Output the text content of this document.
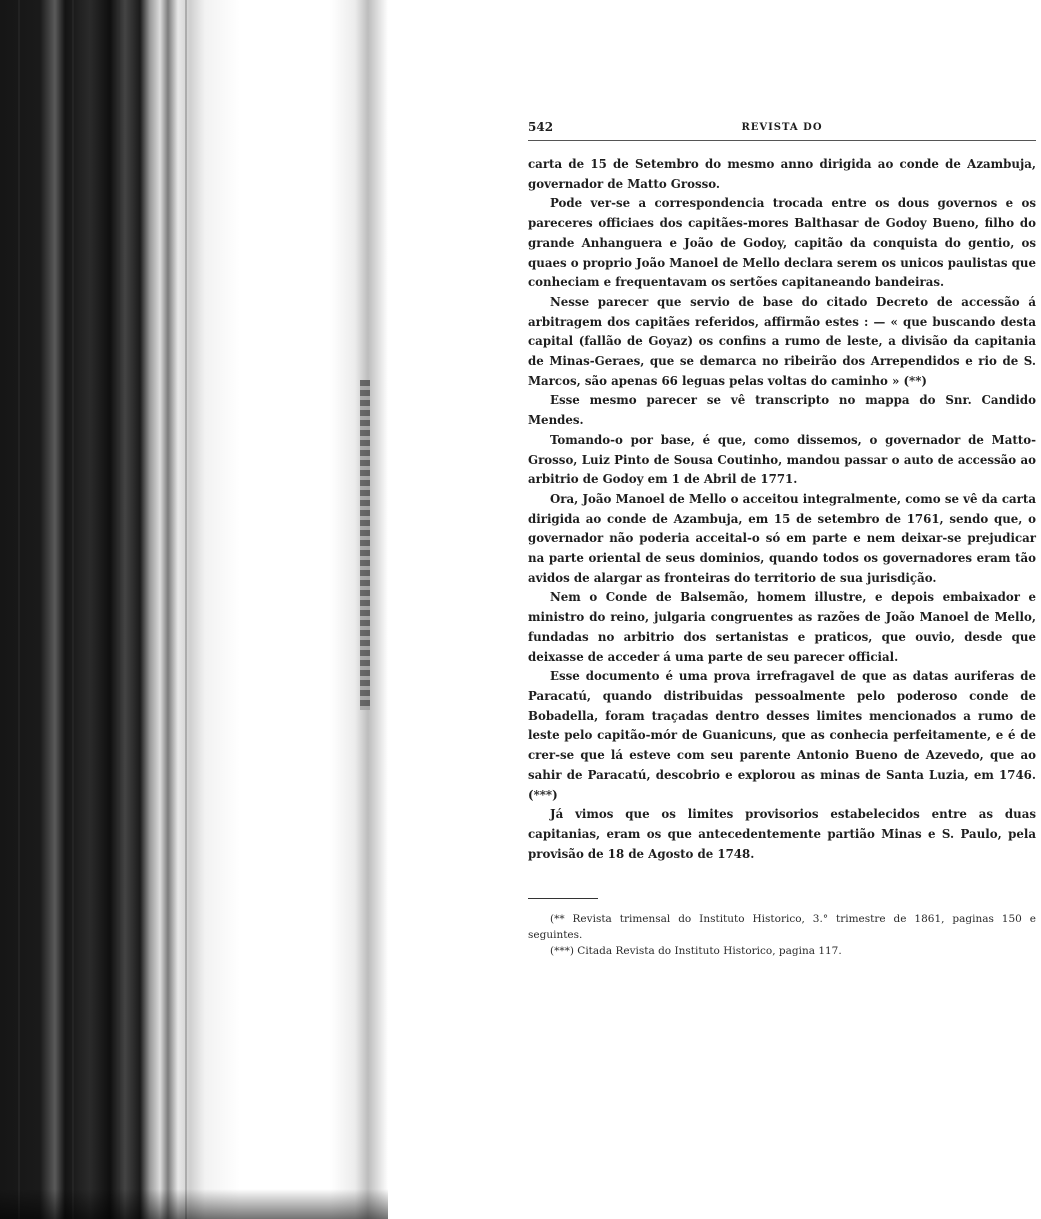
542	REVISTA DO

carta de 15 de Setembro do mesmo anno dirigida ao conde de Azambuja, governador de Matto Grosso.

Pode ver-se a correspondencia trocada entre os dous governos e os pareceres officiaes dos capitães-mores Balthasar de Godoy Bueno, filho do grande Anhanguera e João de Godoy, capitão da conquista do gentio, os quaes o proprio João Manoel de Mello declara serem os unicos paulistas que conheciam e frequentavam os sertões capitaneando bandeiras.

Nesse parecer que servio de base do citado Decreto de accessão á arbitragem dos capitães referidos, affirmão estes : — « que buscando desta capital (fallão de Goyaz) os confins a rumo de leste, a divisão da capitania de Minas-Geraes, que se demarca no ribeirão dos Arrependidos e rio de S. Marcos, são apenas 66 leguas pelas voltas do caminho » (**)

Esse mesmo parecer se vê transcripto no mappa do Snr. Candido Mendes.

Tomando-o por base, é que, como dissemos, o governador de Matto-Grosso, Luiz Pinto de Sousa Coutinho, mandou passar o auto de accessão ao arbitrio de Godoy em 1 de Abril de 1771.

Ora, João Manoel de Mello o acceitou integralmente, como se vê da carta dirigida ao conde de Azambuja, em 15 de setembro de 1761, sendo que, o governador não poderia acceital-o só em parte e nem deixar-se prejudicar na parte oriental de seus dominios, quando todos os governadores eram tão avidos de alargar as fronteiras do territorio de sua jurisdição.

Nem o Conde de Balsemão, homem illustre, e depois embaixador e ministro do reino, julgaria congruentes as razões de João Manoel de Mello, fundadas no arbitrio dos sertanistas e praticos, que ouvio, desde que deixasse de acceder á uma parte de seu parecer official.

Esse documento é uma prova irrefragavel de que as datas auriferas de Paracatú, quando distribuidas pessoalmente pelo poderoso conde de Bobadella, foram traçadas dentro desses limites mencionados a rumo de leste pelo capitão-mór de Guanicuns, que as conhecia perfeitamente, e é de crer-se que lá esteve com seu parente Antonio Bueno de Azevedo, que ao sahir de Paracatú, descobrio e explorou as minas de Santa Luzia, em 1746. (***)

Já vimos que os limites provisorios estabelecidos entre as duas capitanias, eram os que antecedentemente partião Minas e S. Paulo, pela provisão de 18 de Agosto de 1748.

(** Revista trimensal do Instituto Historico, 3.° trimestre de 1861, paginas 150 e seguintes.

(***) Citada Revista do Instituto Historico, pagina 117.
